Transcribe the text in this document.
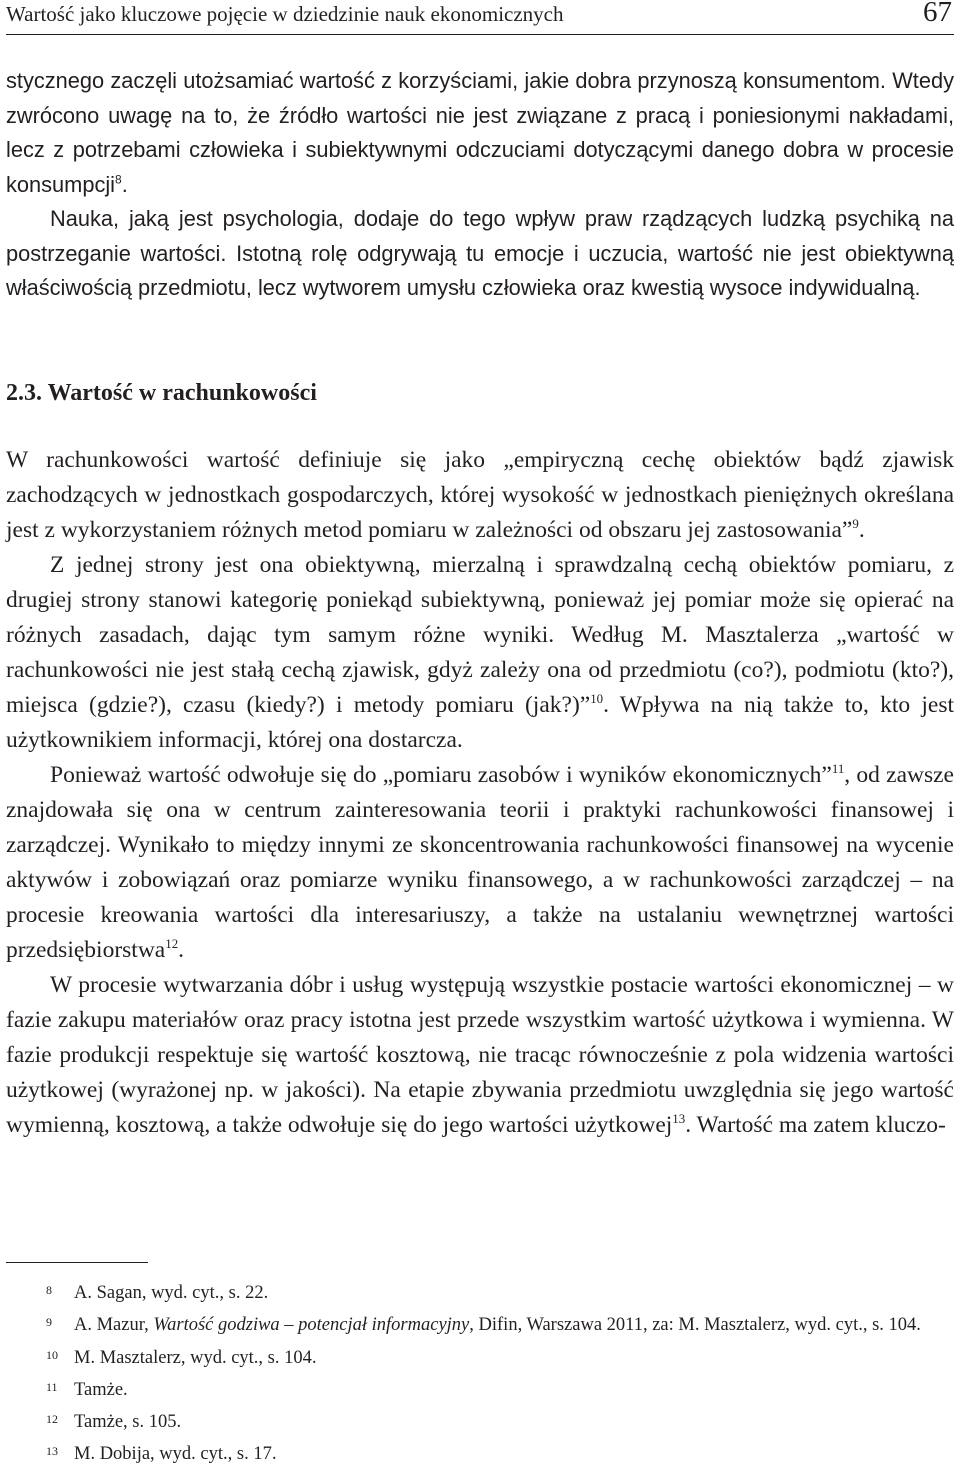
Wartość jako kluczowe pojęcie w dziedzinie nauk ekonomicznych	67

stycznego zaczęli utożsamiać wartość z korzyściami, jakie dobra przynoszą konsumentom. Wtedy zwrócono uwagę na to, że źródło wartości nie jest związane z pracą i poniesionymi nakładami, lecz z potrzebami człowieka i subiektywnymi odczuciami dotyczącymi danego dobra w procesie konsumpcji$^8$.

Nauka, jaką jest psychologia, dodaje do tego wpływ praw rządzących ludzką psychiką na postrzeganie wartości. Istotną rolę odgrywają tu emocje i uczucia, wartość nie jest obiektywną właściwością przedmiotu, lecz wytworem umysłu człowieka oraz kwestią wysoce indywidualną.

2.3. Wartość w rachunkowości

W rachunkowości wartość definiuje się jako „empiryczną cechę obiektów bądź zjawisk zachodzących w jednostkach gospodarczych, której wysokość w jednostkach pieniężnych określana jest z wykorzystaniem różnych metod pomiaru w zależności od obszaru jej zastosowania”$^9$.

Z jednej strony jest ona obiektywną, mierzalną i sprawdzalną cechą obiektów pomiaru, z drugiej strony stanowi kategorię poniekąd subiektywną, ponieważ jej pomiar może się opierać na różnych zasadach, dając tym samym różne wyniki. Według M. Masztalerza „wartość w rachunkowości nie jest stałą cechą zjawisk, gdyż zależy ona od przedmiotu (co?), podmiotu (kto?), miejsca (gdzie?), czasu (kiedy?) i metody pomiaru (jak?)”$^{10}$. Wpływa na nią także to, kto jest użytkownikiem informacji, której ona dostarcza.

Ponieważ wartość odwołuje się do „pomiaru zasobów i wyników ekonomicznych”$^{11}$, od zawsze znajdowała się ona w centrum zainteresowania teorii i praktyki rachunkowości finansowej i zarządczej. Wynikało to między innymi ze skoncentrowania rachunkowości finansowej na wycenie aktywów i zobowiązań oraz pomiarze wyniku finansowego, a w rachunkowości zarządczej – na procesie kreowania wartości dla interesariuszy, a także na ustalaniu wewnętrznej wartości przedsiębiorstwa$^{12}$.

W procesie wytwarzania dóbr i usług występują wszystkie postacie wartości ekonomicznej – w fazie zakupu materiałów oraz pracy istotna jest przede wszystkim wartość użytkowa i wymienna. W fazie produkcji respektuje się wartość kosztową, nie tracąc równocześnie z pola widzenia wartości użytkowej (wyrażonej np. w jakości). Na etapie zbywania przedmiotu uwzględnia się jego wartość wymienną, kosztową, a także odwołuje się do jego wartości użytkowej$^{13}$. Wartość ma zatem kluczo-

8 A. Sagan, wyd. cyt., s. 22.

9 A. Mazur, Wartość godziwa – potencjał informacyjny, Difin, Warszawa 2011, za: M. Masztalerz, wyd. cyt., s. 104.

10 M. Masztalerz, wyd. cyt., s. 104.

11 Tamże.

12 Tamże, s. 105.

13 M. Dobija, wyd. cyt., s. 17.
